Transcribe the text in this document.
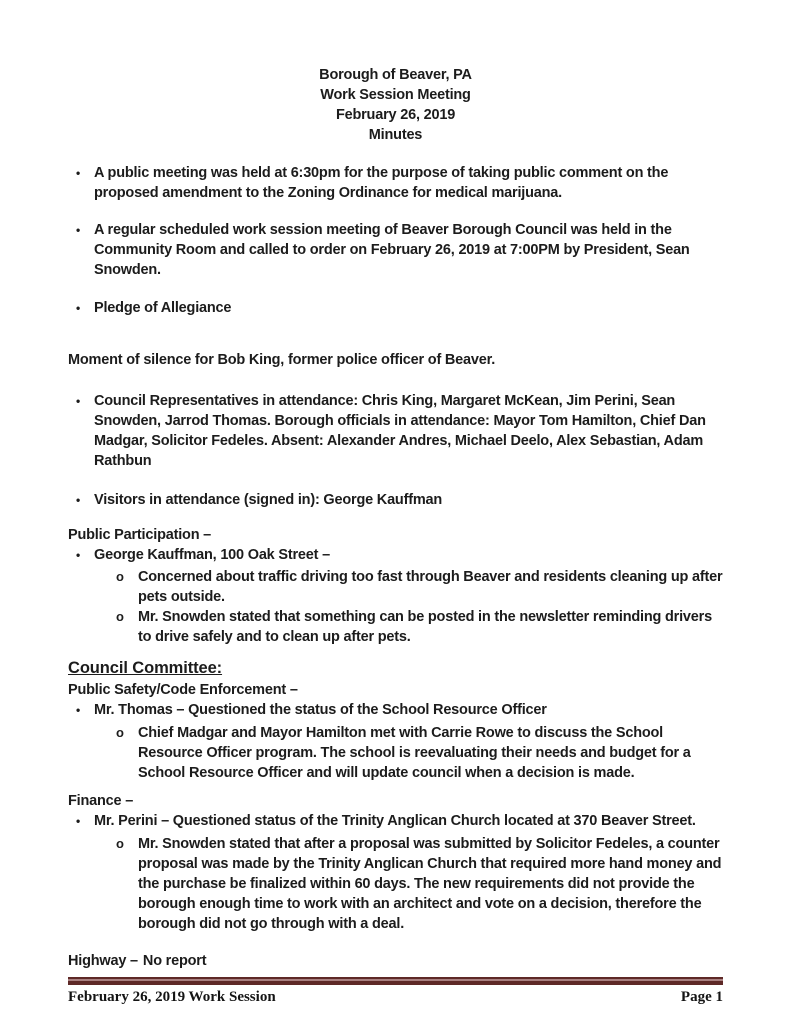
Borough of Beaver, PA
Work Session Meeting
February 26, 2019
Minutes
• A public meeting was held at 6:30pm for the purpose of taking public comment on the proposed amendment to the Zoning Ordinance for medical marijuana.
• A regular scheduled work session meeting of Beaver Borough Council was held in the Community Room and called to order on February 26, 2019 at 7:00PM by President, Sean Snowden.
• Pledge of Allegiance
Moment of silence for Bob King, former police officer of Beaver.
• Council Representatives in attendance: Chris King, Margaret McKean, Jim Perini, Sean Snowden, Jarrod Thomas. Borough officials in attendance: Mayor Tom Hamilton, Chief Dan Madgar, Solicitor Fedeles. Absent: Alexander Andres, Michael Deelo, Alex Sebastian, Adam Rathbun
• Visitors in attendance (signed in): George Kauffman
Public Participation –
• George Kauffman, 100 Oak Street –
o Concerned about traffic driving too fast through Beaver and residents cleaning up after pets outside.
o Mr. Snowden stated that something can be posted in the newsletter reminding drivers to drive safely and to clean up after pets.
Council Committee:
Public Safety/Code Enforcement –
• Mr. Thomas – Questioned the status of the School Resource Officer
o Chief Madgar and Mayor Hamilton met with Carrie Rowe to discuss the School Resource Officer program. The school is reevaluating their needs and budget for a School Resource Officer and will update council when a decision is made.
Finance –
• Mr. Perini – Questioned status of the Trinity Anglican Church located at 370 Beaver Street.
o Mr. Snowden stated that after a proposal was submitted by Solicitor Fedeles, a counter proposal was made by the Trinity Anglican Church that required more hand money and the purchase be finalized within 60 days. The new requirements did not provide the borough enough time to work with an architect and vote on a decision, therefore the borough did not go through with a deal.
Highway – No report
February 26, 2019 Work Session	Page 1
